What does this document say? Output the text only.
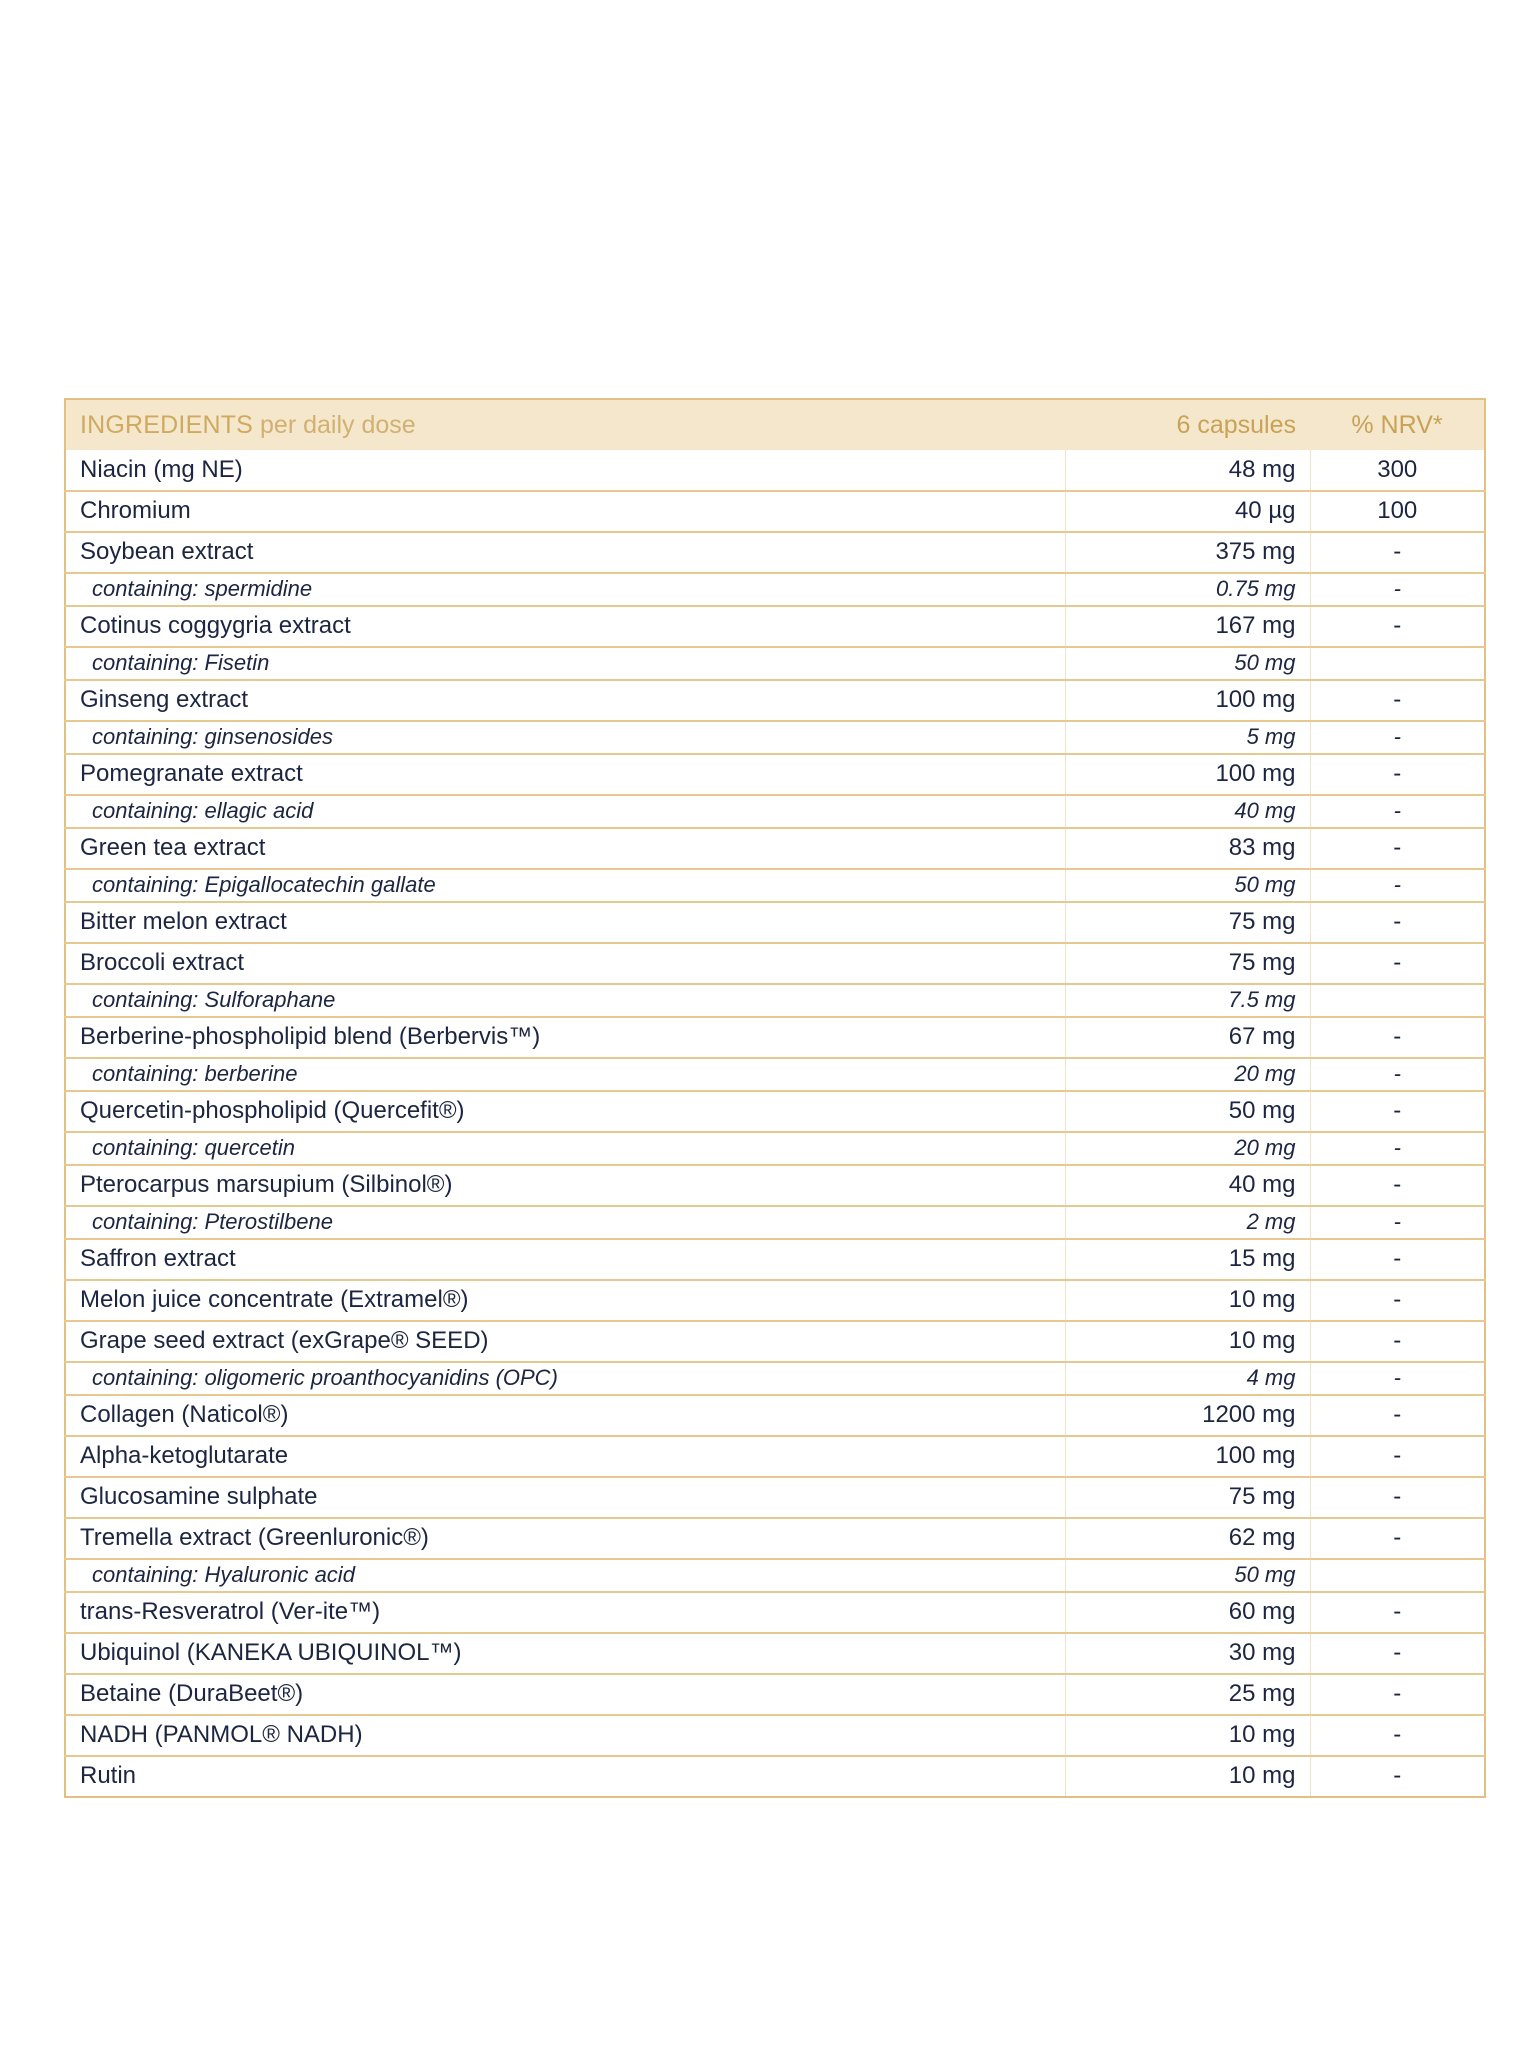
INGREDIENTS per daily dose	6 capsules	% NRV*
Niacin (mg NE)	48 mg	300
Chromium	40 µg	100
Soybean extract	375 mg	-
containing: spermidine	0.75 mg	-
Cotinus coggygria extract	167 mg	-
containing: Fisetin	50 mg	
Ginseng extract	100 mg	-
containing: ginsenosides	5 mg	-
Pomegranate extract	100 mg	-
containing: ellagic acid	40 mg	-
Green tea extract	83 mg	-
containing: Epigallocatechin gallate	50 mg	-
Bitter melon extract	75 mg	-
Broccoli extract	75 mg	-
containing: Sulforaphane	7.5 mg	
Berberine-phospholipid blend (Berbervis™)	67 mg	-
containing: berberine	20 mg	-
Quercetin-phospholipid (Quercefit®)	50 mg	-
containing: quercetin	20 mg	-
Pterocarpus marsupium (Silbinol®)	40 mg	-
containing: Pterostilbene	2 mg	-
Saffron extract	15 mg	-
Melon juice concentrate (Extramel®)	10 mg	-
Grape seed extract (exGrape® SEED)	10 mg	-
containing: oligomeric proanthocyanidins (OPC)	4 mg	-
Collagen (Naticol®)	1200 mg	-
Alpha-ketoglutarate	100 mg	-
Glucosamine sulphate	75 mg	-
Tremella extract (Greenluronic®)	62 mg	-
containing: Hyaluronic acid	50 mg	
trans-Resveratrol (Ver-ite™)	60 mg	-
Ubiquinol (KANEKA UBIQUINOL™)	30 mg	-
Betaine (DuraBeet®)	25 mg	-
NADH (PANMOL® NADH)	10 mg	-
Rutin	10 mg	-
